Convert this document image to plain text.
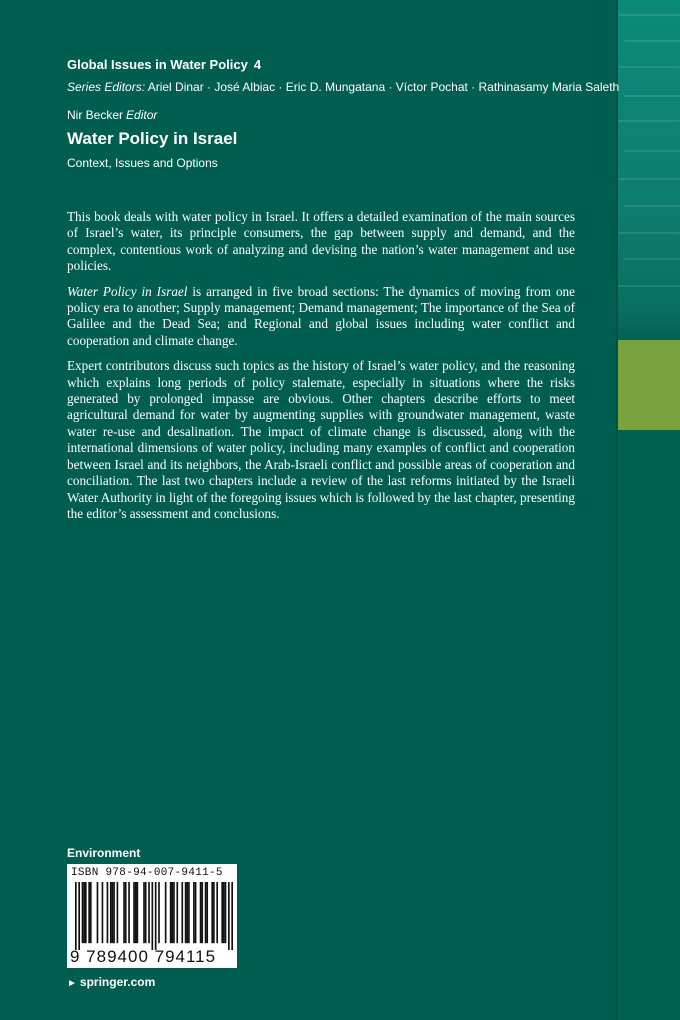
Global Issues in Water Policy 4
Series Editors: Ariel Dinar · José Albiac · Eric D. Mungatana · Víctor Pochat · Rathinasamy Maria Saleth
Nir Becker Editor
Water Policy in Israel
Context, Issues and Options

This book deals with water policy in Israel. It offers a detailed examination of the main sources of Israel’s water, its principle consumers, the gap between supply and demand, and the complex, contentious work of analyzing and devising the nation’s water management and use policies.

Water Policy in Israel is arranged in five broad sections: The dynamics of moving from one policy era to another; Supply management; Demand management; The importance of the Sea of Galilee and the Dead Sea; and Regional and global issues including water conflict and cooperation and climate change.

Expert contributors discuss such topics as the history of Israel’s water policy, and the reasoning which explains long periods of policy stalemate, especially in situations where the risks generated by prolonged impasse are obvious. Other chapters describe efforts to meet agricultural demand for water by augmenting supplies with groundwater management, waste water re-use and desalination. The impact of climate change is discussed, along with the international dimensions of water policy, including many examples of conflict and cooperation between Israel and its neighbors, the Arab-Israeli conflict and possible areas of cooperation and conciliation. The last two chapters include a review of the last reforms initiated by the Israeli Water Authority in light of the foregoing issues which is followed by the last chapter, presenting the editor’s assessment and conclusions.

Environment
ISBN 978-94-007-9411-5
9 789400 794115
► springer.com
